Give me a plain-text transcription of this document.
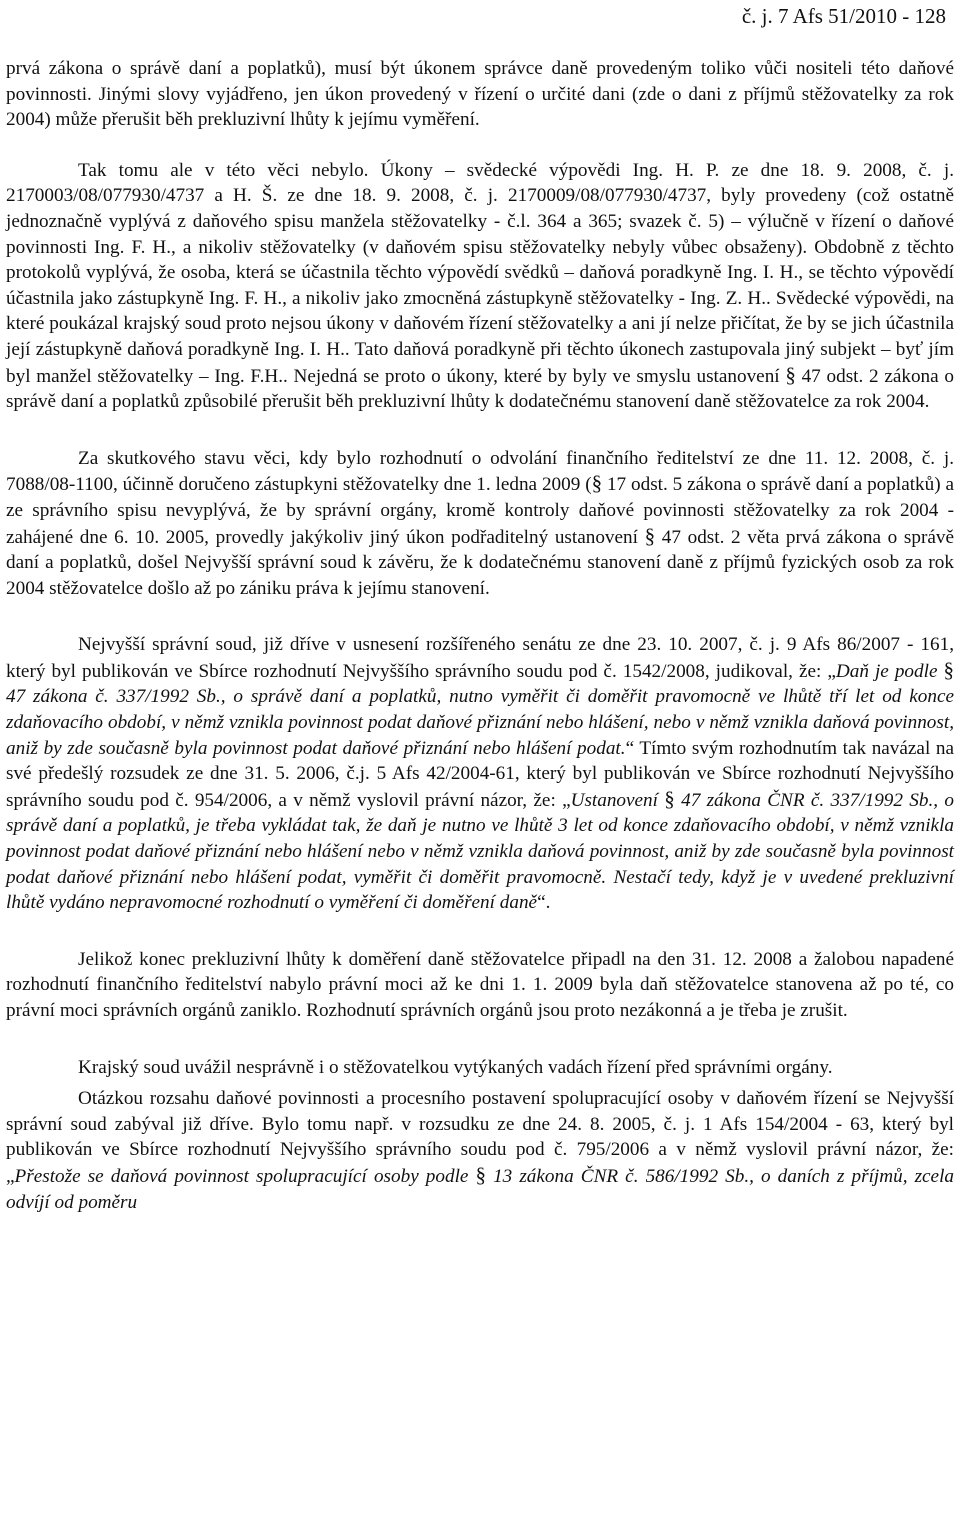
č. j. 7 Afs 51/2010 - 128

prvá zákona o správě daní a poplatků), musí být úkonem správce daně provedeným toliko vůči nositeli této daňové povinnosti. Jinými slovy vyjádřeno, jen úkon provedený v řízení o určité dani (zde o dani z příjmů stěžovatelky za rok 2004) může přerušit běh prekluzivní lhůty k jejímu vyměření.

Tak tomu ale v této věci nebylo. Úkony – svědecké výpovědi Ing. H. P. ze dne 18. 9. 2008, č. j. 2170003/08/077930/4737 a H. Š. ze dne 18. 9. 2008, č. j. 2170009/08/077930/4737, byly provedeny (což ostatně jednoznačně vyplývá z daňového spisu manžela stěžovatelky - č.l. 364 a 365; svazek č. 5) – výlučně v řízení o daňové povinnosti Ing. F. H., a nikoliv stěžovatelky (v daňovém spisu stěžovatelky nebyly vůbec obsaženy). Obdobně z těchto protokolů vyplývá, že osoba, která se účastnila těchto výpovědí svědků – daňová poradkyně Ing. I. H., se těchto výpovědí účastnila jako zástupkyně Ing. F. H., a nikoliv jako zmocněná zástupkyně stěžovatelky - Ing. Z. H.. Svědecké výpovědi, na které poukázal krajský soud proto nejsou úkony v daňovém řízení stěžovatelky a ani jí nelze přičítat, že by se jich účastnila její zástupkyně daňová poradkyně Ing. I. H.. Tato daňová poradkyně při těchto úkonech zastupovala jiný subjekt – byť jím byl manžel stěžovatelky – Ing. F.H.. Nejedná se proto o úkony, které by byly ve smyslu ustanovení § 47 odst. 2 zákona o správě daní a poplatků způsobilé přerušit běh prekluzivní lhůty k dodatečnému stanovení daně stěžovatelce za rok 2004.

Za skutkového stavu věci, kdy bylo rozhodnutí o odvolání finančního ředitelství ze dne 11. 12. 2008, č. j. 7088/08-1100, účinně doručeno zástupkyni stěžovatelky dne 1. ledna 2009 (§ 17 odst. 5 zákona o správě daní a poplatků) a ze správního spisu nevyplývá, že by správní orgány, kromě kontroly daňové povinnosti stěžovatelky za rok 2004 - zahájené dne 6. 10. 2005, provedly jakýkoliv jiný úkon podřaditelný ustanovení § 47 odst. 2 věta prvá zákona o správě daní a poplatků, došel Nejvyšší správní soud k závěru, že k dodatečnému stanovení daně z příjmů fyzických osob za rok 2004 stěžovatelce došlo až po zániku práva k jejímu stanovení.

Nejvyšší správní soud, již dříve v usnesení rozšířeného senátu ze dne 23. 10. 2007, č. j. 9 Afs 86/2007 - 161, který byl publikován ve Sbírce rozhodnutí Nejvyššího správního soudu pod č. 1542/2008, judikoval, že: „Daň je podle § 47 zákona č. 337/1992 Sb., o správě daní a poplatků, nutno vyměřit či doměřit pravomocně ve lhůtě tří let od konce zdaňovacího období, v němž vznikla povinnost podat daňové přiznání nebo hlášení, nebo v němž vznikla daňová povinnost, aniž by zde současně byla povinnost podat daňové přiznání nebo hlášení podat.“ Tímto svým rozhodnutím tak navázal na své předešlý rozsudek ze dne 31. 5. 2006, č.j. 5 Afs 42/2004-61, který byl publikován ve Sbírce rozhodnutí Nejvyššího správního soudu pod č. 954/2006, a v němž vyslovil právní názor, že: „Ustanovení § 47 zákona ČNR č. 337/1992 Sb., o správě daní a poplatků, je třeba vykládat tak, že daň je nutno ve lhůtě 3 let od konce zdaňovacího období, v němž vznikla povinnost podat daňové přiznání nebo hlášení nebo v němž vznikla daňová povinnost, aniž by zde současně byla povinnost podat daňové přiznání nebo hlášení podat, vyměřit či doměřit pravomocně. Nestačí tedy, když je v uvedené prekluzivní lhůtě vydáno nepravomocné rozhodnutí o vyměření či doměření daně“.

Jelikož konec prekluzivní lhůty k doměření daně stěžovatelce připadl na den 31. 12. 2008 a žalobou napadené rozhodnutí finančního ředitelství nabylo právní moci až ke dni 1. 1. 2009 byla daň stěžovatelce stanovena až po té, co právní moci správních orgánů zaniklo. Rozhodnutí správních orgánů jsou proto nezákonná a je třeba je zrušit.

Krajský soud uvážil nesprávně i o stěžovatelkou vytýkaných vadách řízení před správními orgány.

Otázkou rozsahu daňové povinnosti a procesního postavení spolupracující osoby v daňovém řízení se Nejvyšší správní soud zabýval již dříve. Bylo tomu např. v rozsudku ze dne 24. 8. 2005, č. j. 1 Afs 154/2004 - 63, který byl publikován ve Sbírce rozhodnutí Nejvyššího správního soudu pod č. 795/2006 a v němž vyslovil právní názor, že: „Přestože se daňová povinnost spolupracující osoby podle § 13 zákona ČNR č. 586/1992 Sb., o daních z příjmů, zcela odvíjí od poměru
